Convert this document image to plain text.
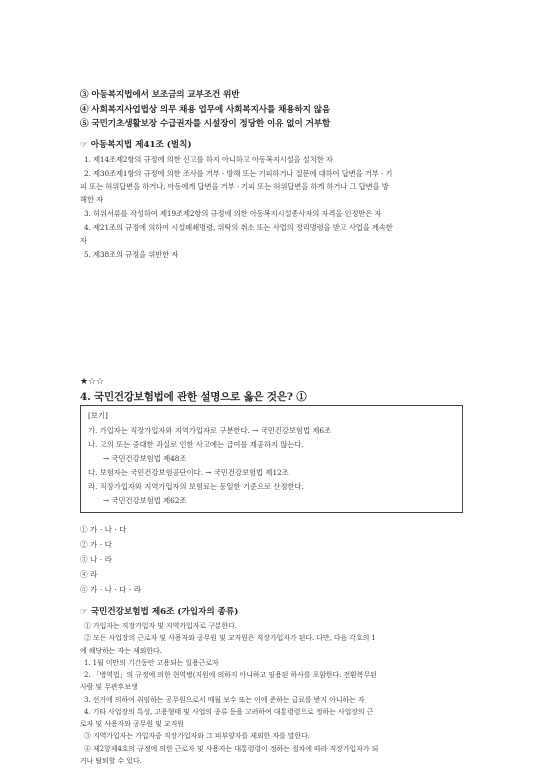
③ 아동복지법에서 보조금의 교부조건 위반
④ 사회복지사업법상 의무 채용 업무에 사회복지사를 채용하지 않음
⑤ 국민기초생활보장 수급권자를 시설장이 정당한 이유 없이 거부함
☞ 아동복지법 제41조 (벌칙)
1. 제14조제2항의 규정에 의한 신고를 하지 아니하고 아동복지시설을 설치한 자
2. 제30조제1항의 규정에 의한 조사를 거부 · 방해 또는 기피하거나 질문에 대하여 답변을 거부 · 기
피 또는 허위답변을 하거나, 아동에게 답변을 거부 · 기피 또는 허위답변을 하게 하거나 그 답변을 방
해한 자
3. 허위서류를 작성하여 제19조제2항의 규정에 의한 아동복지시설종사자의 자격을 인정받은 자
4. 제21조의 규정에 의하여 시설폐쇄명령, 위탁의 취소 또는 사업의 정리명령을 받고 사업을 계속한
자
5. 제38조의 규정을 위반한 자
★☆☆
4. 국민건강보험법에 관한 설명으로 옳은 것은? ①
[보기]
가. 가입자는 직장가입자와 지역가입자로 구분한다. → 국민건강보험법 제6조
나. 고의 또는 중대한 과실로 인한 사고에는 급여를 제공하지 않는다.
→ 국민건강보험법 제48조
다. 보험자는 국민건강보험공단이다. → 국민건강보험법 제12조
라. 직장가입자와 지역가입자의 보험료는 동일한 기준으로 산정한다.
→ 국민건강보험법 제62조
① 가 · 나 · 다
② 가 · 다
③ 나 · 라
④ 라
⑤ 가 · 나 · 다 · 라
☞ 국민건강보험법 제6조 (가입자의 종류)
① 가입자는 직장가입자 및 지역가입자로 구분한다.
② 모든 사업장의 근로자 및 사용자와 공무원 및 교직원은 직장가입자가 된다. 다만, 다음 각호의 1
에 해당하는 자는 제외한다.
1. 1월 미만의 기간동안 고용되는 일용근로자
2. 「병역법」의 규정에 의한 현역병(지원에 의하지 아니하고 임용된 하사를 포함한다. 전환복무된
사람 및 무관후보생
3. 선거에 의하여 취임하는 공무원으로서 매월 보수 또는 이에 준하는 급료를 받지 아니하는 자
4. 기타 사업장의 특성, 고용형태 및 사업의 종류 등을 고려하여 대통령령으로 정하는 사업장의 근
로자 및 사용자와 공무원 및 교직원
③ 지역가입자는 가입자중 직장가입자와 그 피부양자를 제외한 자를 말한다.
④ 제2항제4호의 규정에 의한 근로자 및 사용자는 대통령령이 정하는 절차에 따라 직장가입자가 되
거나 탈퇴할 수 있다.
